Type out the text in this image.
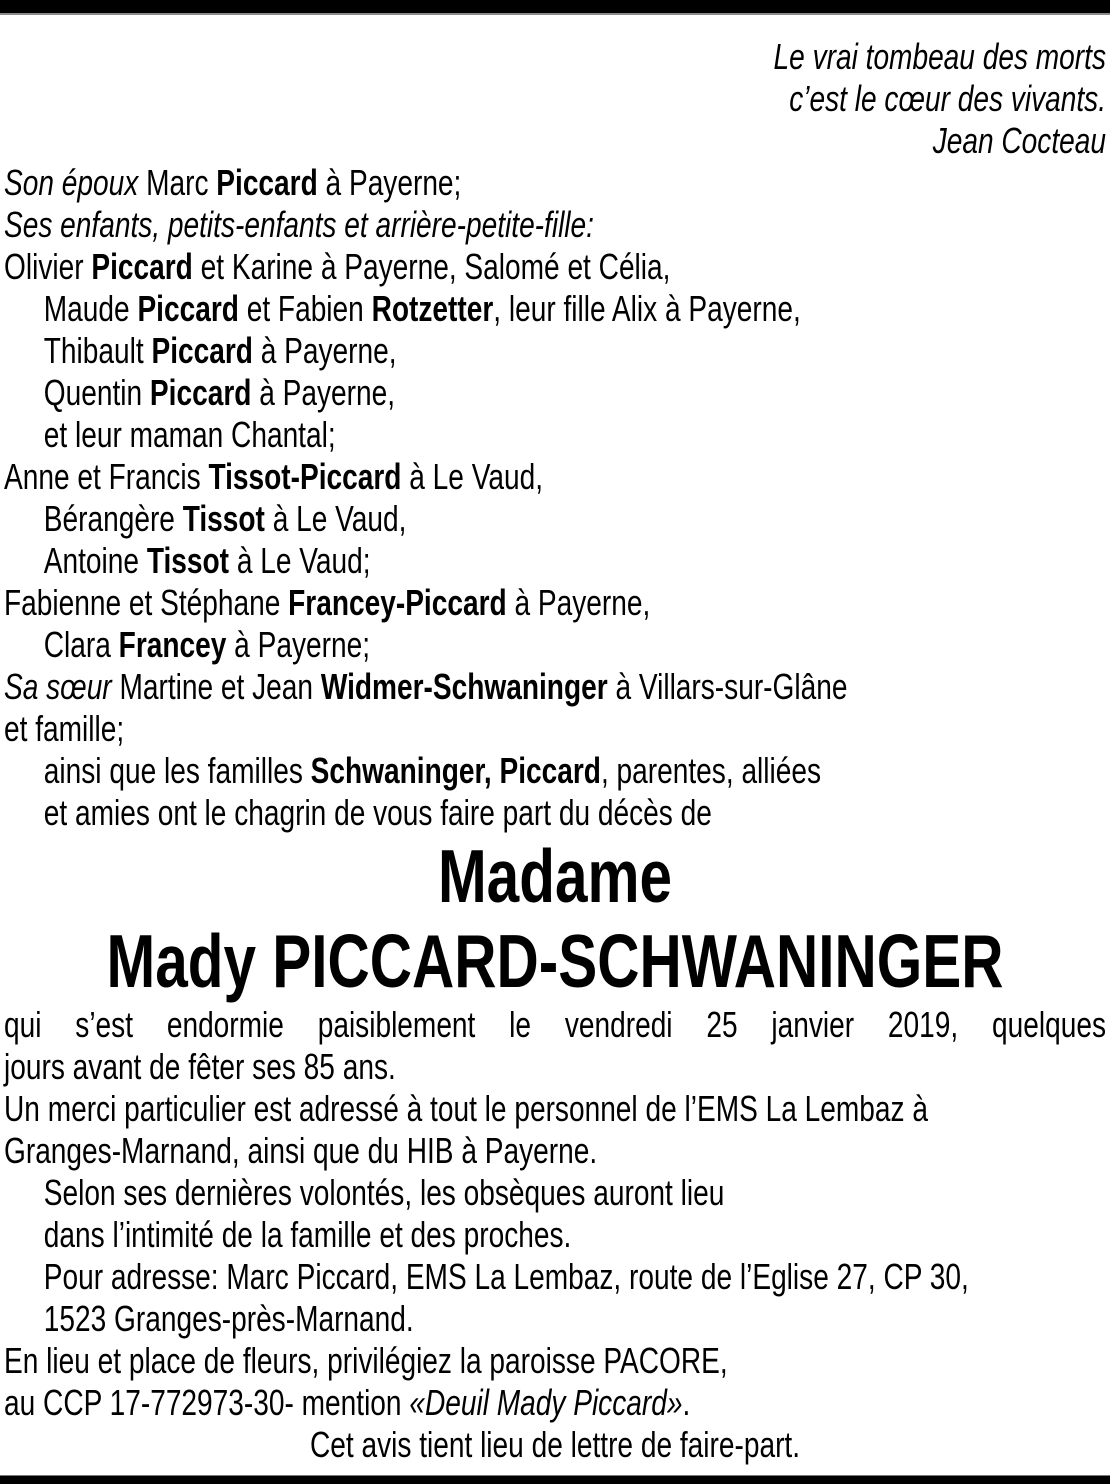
Le vrai tombeau des morts
c’est le cœur des vivants.
Jean Cocteau
Son époux Marc Piccard à Payerne;
Ses enfants, petits-enfants et arrière-petite-fille:
Olivier Piccard et Karine à Payerne, Salomé et Célia,
Maude Piccard et Fabien Rotzetter, leur fille Alix à Payerne,
Thibault Piccard à Payerne,
Quentin Piccard à Payerne,
et leur maman Chantal;
Anne et Francis Tissot-Piccard à Le Vaud,
Bérangère Tissot à Le Vaud,
Antoine Tissot à Le Vaud;
Fabienne et Stéphane Francey-Piccard à Payerne,
Clara Francey à Payerne;
Sa sœur Martine et Jean Widmer-Schwaninger à Villars-sur-Glâne
et famille;
ainsi que les familles Schwaninger, Piccard, parentes, alliées
et amies ont le chagrin de vous faire part du décès de
Madame
Mady PICCARD-SCHWANINGER
qui s’est endormie paisiblement le vendredi 25 janvier 2019, quelques
jours avant de fêter ses 85 ans.
Un merci particulier est adressé à tout le personnel de l’EMS La Lembaz à
Granges-Marnand, ainsi que du HIB à Payerne.
Selon ses dernières volontés, les obsèques auront lieu
dans l’intimité de la famille et des proches.
Pour adresse: Marc Piccard, EMS La Lembaz, route de l’Eglise 27, CP 30,
1523 Granges-près-Marnand.
En lieu et place de fleurs, privilégiez la paroisse PACORE,
au CCP 17-772973-30- mention «Deuil Mady Piccard».
Cet avis tient lieu de lettre de faire-part.
